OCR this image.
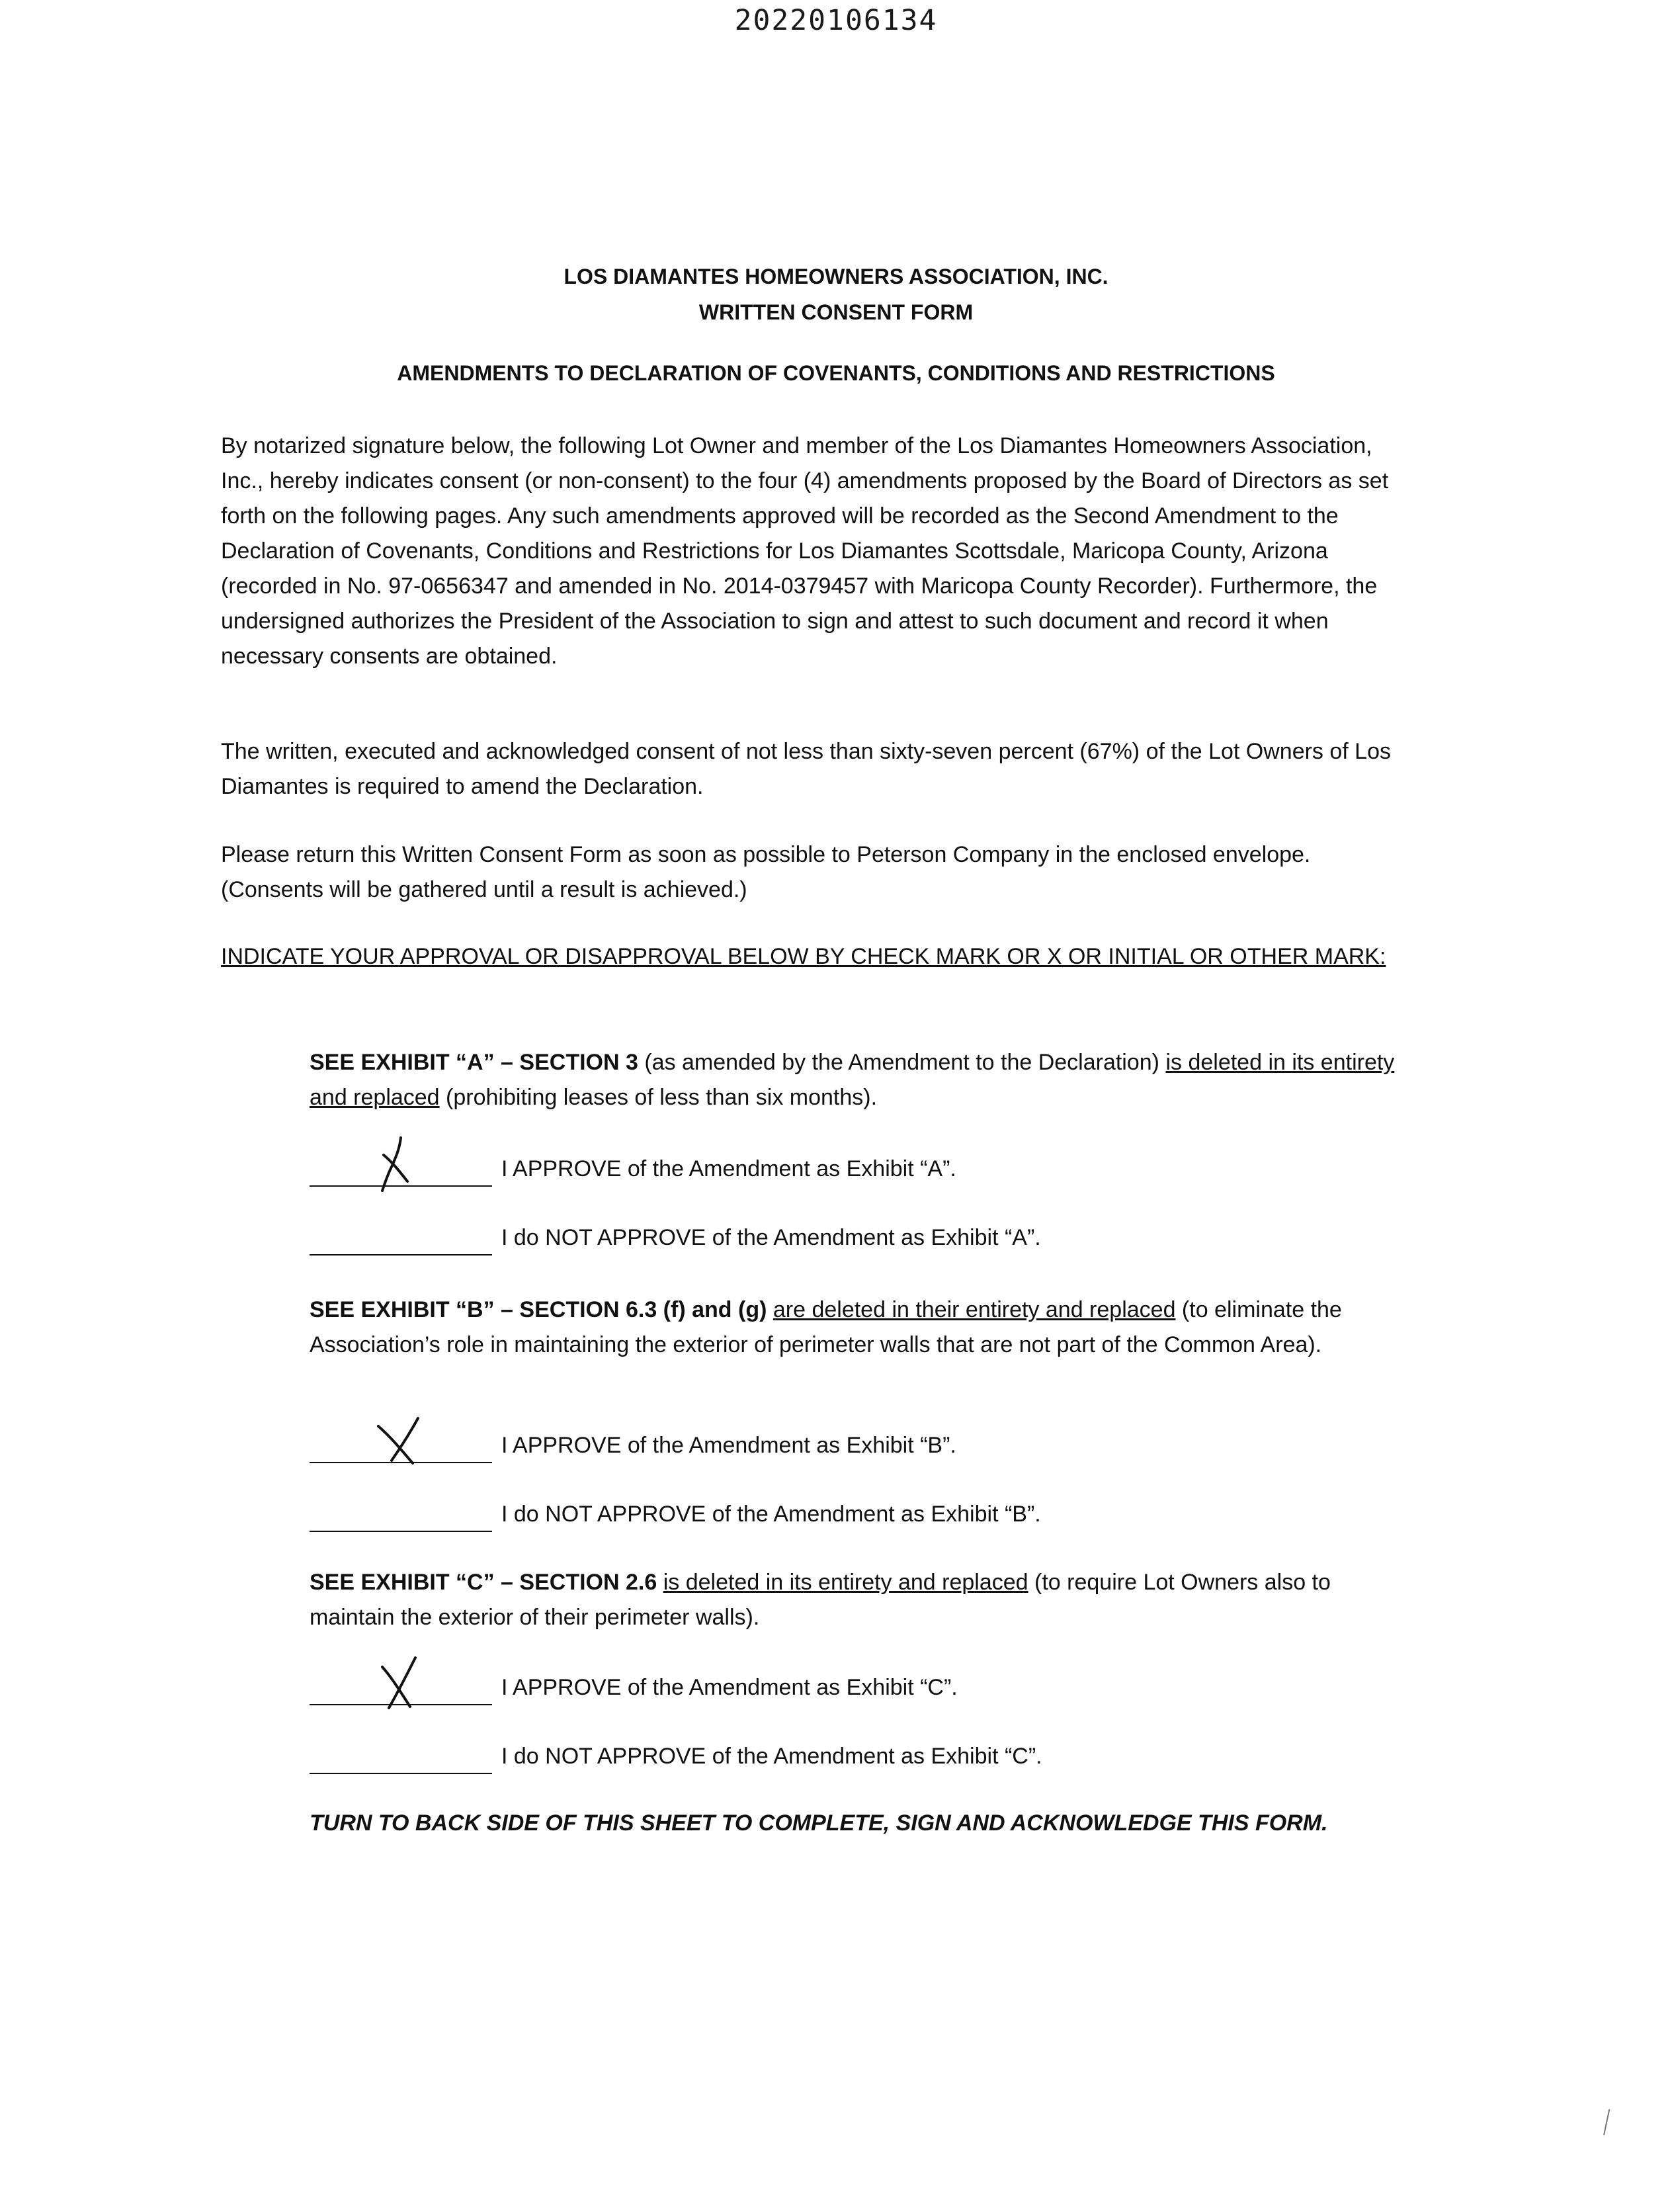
20220106134
LOS DIAMANTES HOMEOWNERS ASSOCIATION, INC.
WRITTEN CONSENT FORM
AMENDMENTS TO DECLARATION OF COVENANTS, CONDITIONS AND RESTRICTIONS
By notarized signature below, the following Lot Owner and member of the Los Diamantes Homeowners Association, Inc., hereby indicates consent (or non-consent) to the four (4) amendments proposed by the Board of Directors as set forth on the following pages. Any such amendments approved will be recorded as the Second Amendment to the Declaration of Covenants, Conditions and Restrictions for Los Diamantes Scottsdale, Maricopa County, Arizona (recorded in No. 97-0656347 and amended in No. 2014-0379457 with Maricopa County Recorder). Furthermore, the undersigned authorizes the President of the Association to sign and attest to such document and record it when necessary consents are obtained.
The written, executed and acknowledged consent of not less than sixty-seven percent (67%) of the Lot Owners of Los Diamantes is required to amend the Declaration.
Please return this Written Consent Form as soon as possible to Peterson Company in the enclosed envelope. (Consents will be gathered until a result is achieved.)
INDICATE YOUR APPROVAL OR DISAPPROVAL BELOW BY CHECK MARK OR X OR INITIAL OR OTHER MARK:
SEE EXHIBIT “A” – SECTION 3 (as amended by the Amendment to the Declaration) is deleted in its entirety and replaced (prohibiting leases of less than six months).
I APPROVE of the Amendment as Exhibit “A”.
I do NOT APPROVE of the Amendment as Exhibit “A”.
SEE EXHIBIT “B” – SECTION 6.3 (f) and (g) are deleted in their entirety and replaced (to eliminate the Association’s role in maintaining the exterior of perimeter walls that are not part of the Common Area).
I APPROVE of the Amendment as Exhibit “B”.
I do NOT APPROVE of the Amendment as Exhibit “B”.
SEE EXHIBIT “C” – SECTION 2.6 is deleted in its entirety and replaced (to require Lot Owners also to maintain the exterior of their perimeter walls).
I APPROVE of the Amendment as Exhibit “C”.
I do NOT APPROVE of the Amendment as Exhibit “C”.
TURN TO BACK SIDE OF THIS SHEET TO COMPLETE, SIGN AND ACKNOWLEDGE THIS FORM.
